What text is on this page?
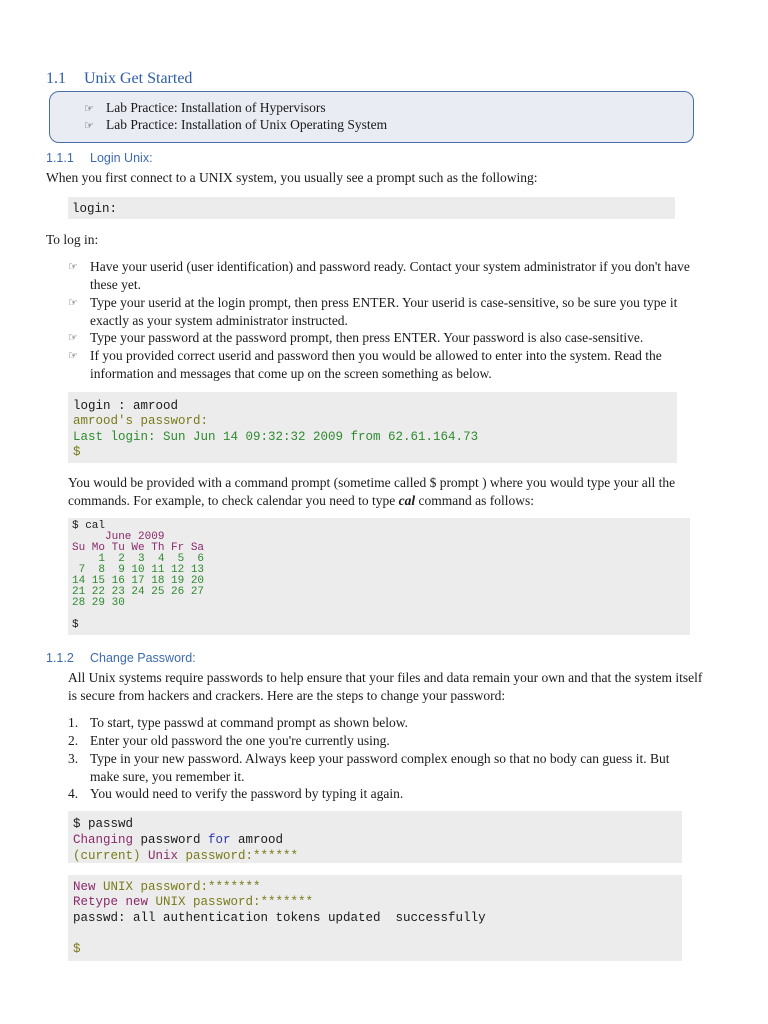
1.1 Unix Get Started
☞ Lab Practice: Installation of Hypervisors
☞ Lab Practice: Installation of Unix Operating System
1.1.1 Login Unix:
When you first connect to a UNIX system, you usually see a prompt such as the following:
login:
To log in:
☞ Have your userid (user identification) and password ready. Contact your system administrator if you don't have these yet.
☞ Type your userid at the login prompt, then press ENTER. Your userid is case-sensitive, so be sure you type it exactly as your system administrator instructed.
☞ Type your password at the password prompt, then press ENTER. Your password is also case-sensitive.
☞ If you provided correct userid and password then you would be allowed to enter into the system. Read the information and messages that come up on the screen something as below.
login : amrood
amrood's password:
Last login: Sun Jun 14 09:32:32 2009 from 62.61.164.73
$
You would be provided with a command prompt (sometime called $ prompt ) where you would type your all the
commands. For example, to check calendar you need to type cal command as follows:
$ cal
June 2009
Su Mo Tu We Th Fr Sa
1  2  3  4  5  6
7  8  9 10 11 12 13
14 15 16 17 18 19 20
21 22 23 24 25 26 27
28 29 30
$
1.1.2 Change Password:
All Unix systems require passwords to help ensure that your files and data remain your own and that the system itself
is secure from hackers and crackers. Here are the steps to change your password:
1. To start, type passwd at command prompt as shown below.
2. Enter your old password the one you're currently using.
3. Type in your new password. Always keep your password complex enough so that no body can guess it. But make sure, you remember it.
4. You would need to verify the password by typing it again.
$ passwd
Changing password for amrood
(current) Unix password:******
New UNIX password:*******
Retype new UNIX password:*******
passwd: all authentication tokens updated  successfully
$
